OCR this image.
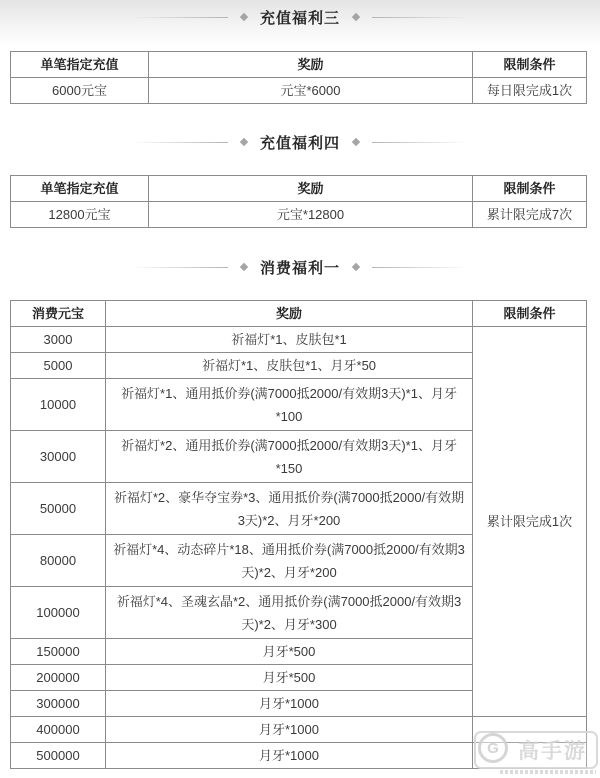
充值福利三
单笔指定充值	奖励	限制条件
6000元宝	元宝*6000	每日限完成1次
充值福利四
单笔指定充值	奖励	限制条件
12800元宝	元宝*12800	累计限完成7次
消费福利一
消费元宝	奖励	限制条件
3000	祈福灯*1、皮肤包*1	累计限完成1次
5000	祈福灯*1、皮肤包*1、月牙*50	
10000	祈福灯*1、通用抵价券(满7000抵2000/有效期3天)*1、月牙*100	
30000	祈福灯*2、通用抵价券(满7000抵2000/有效期3天)*1、月牙*150	
50000	祈福灯*2、豪华夺宝券*3、通用抵价券(满7000抵2000/有效期3天)*2、月牙*200	
80000	祈福灯*4、动态碎片*18、通用抵价券(满7000抵2000/有效期3天)*2、月牙*200	
100000	祈福灯*4、圣魂玄晶*2、通用抵价券(满7000抵2000/有效期3天)*2、月牙*300	
150000	月牙*500	
200000	月牙*500	
300000	月牙*1000	
400000	月牙*1000	
500000	月牙*1000		G 高手游
